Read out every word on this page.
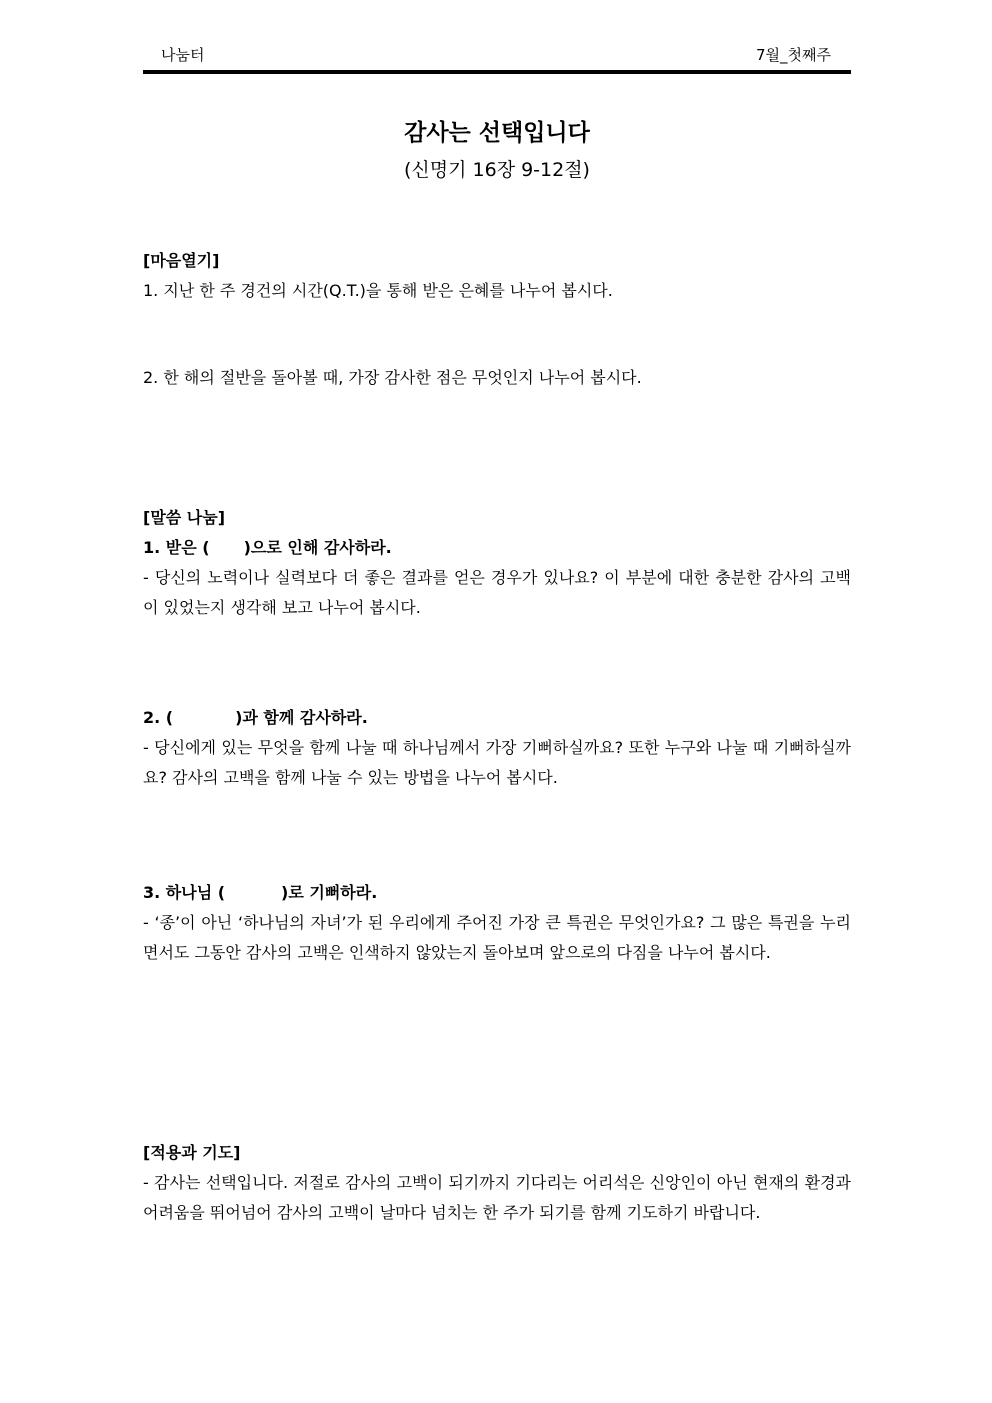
나눔터	7월_첫째주
감사는 선택입니다
(신명기 16장 9-12절)
[마음열기]
1. 지난 한 주 경건의 시간(Q.T.)을 통해 받은 은혜를 나누어 봅시다.
2. 한 해의 절반을 돌아볼 때, 가장 감사한 점은 무엇인지 나누어 봅시다.
[말씀 나눔]
1. 받은 ( )으로 인해 감사하라.
- 당신의 노력이나 실력보다 더 좋은 결과를 얻은 경우가 있나요? 이 부분에 대한 충분한 감사의 고백이 있었는지 생각해 보고 나누어 봅시다.
2. (	)과 함께 감사하라.
- 당신에게 있는 무엇을 함께 나눌 때 하나님께서 가장 기뻐하실까요? 또한 누구와 나눌 때 기뻐하실까요? 감사의 고백을 함께 나눌 수 있는 방법을 나누어 봅시다.
3. 하나님 (	)로 기뻐하라.
- ‘종’이 아닌 ‘하나님의 자녀’가 된 우리에게 주어진 가장 큰 특권은 무엇인가요? 그 많은 특권을 누리면서도 그동안 감사의 고백은 인색하지 않았는지 돌아보며 앞으로의 다짐을 나누어 봅시다.
[적용과 기도]
- 감사는 선택입니다. 저절로 감사의 고백이 되기까지 기다리는 어리석은 신앙인이 아닌 현재의 환경과 어려움을 뛰어넘어 감사의 고백이 날마다 넘치는 한 주가 되기를 함께 기도하기 바랍니다.
